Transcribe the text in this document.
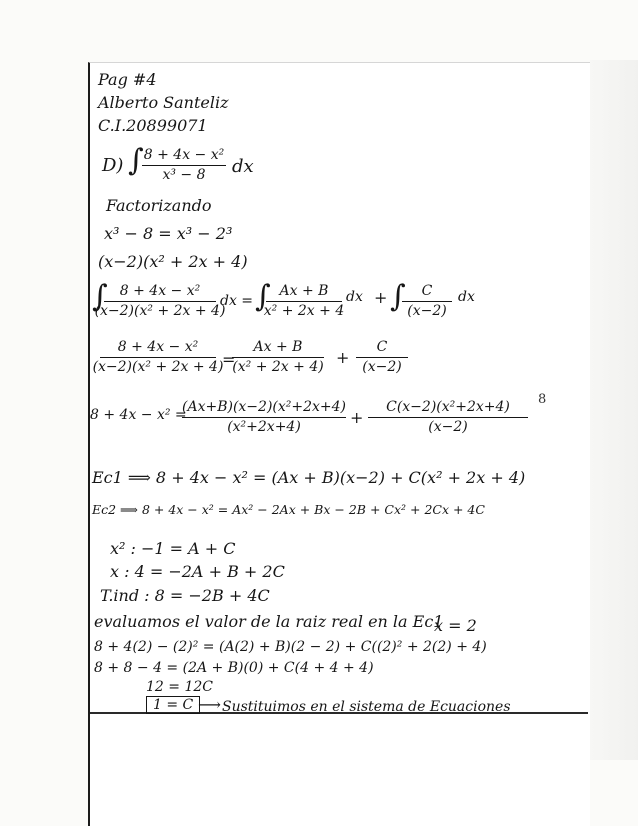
Pag #4
Alberto Santeliz
C.I.20899071
D) ∫ 8 + 4x − x²
x³ − 8 dx
Factorizando
x³ − 8 = x³ − 2³
(x−2)(x² + 2x + 4)
∫ 8 + 4x − x²
(x−2)(x² + 2x + 4)
dx = ∫ Ax + B
x² + 2x + 4
dx + ∫ C
(x−2)
dx
8 + 4x − x²
(x−2)(x² + 2x + 4)
=
Ax + B
(x² + 2x + 4)
+
C
(x−2)
8
8 + 4x − x² =
(Ax+B)(x−2)(x²+2x+4)
(x²+2x+4)
+
C(x−2)(x²+2x+4)
(x−2)
Ec1 ⟹ 8 + 4x − x² = (Ax + B)(x−2) + C(x² + 2x + 4)
Ec2 ⟹ 8 + 4x − x² = Ax² − 2Ax + Bx − 2B + Cx² + 2Cx + 4C
x² : −1 = A + C
x : 4 = −2A + B + 2C
T.ind : 8 = −2B + 4C
evaluamos el valor de la raiz real en la Ec1
x = 2
8 + 4(2) − (2)² = (A(2) + B)(2 − 2) + C((2)² + 2(2) + 4)
8 + 8 − 4 = (2A + B)(0) + C(4 + 4 + 4)
12 = 12C
1 = C ⟶ Sustituimos en el sistema de Ecuaciones
